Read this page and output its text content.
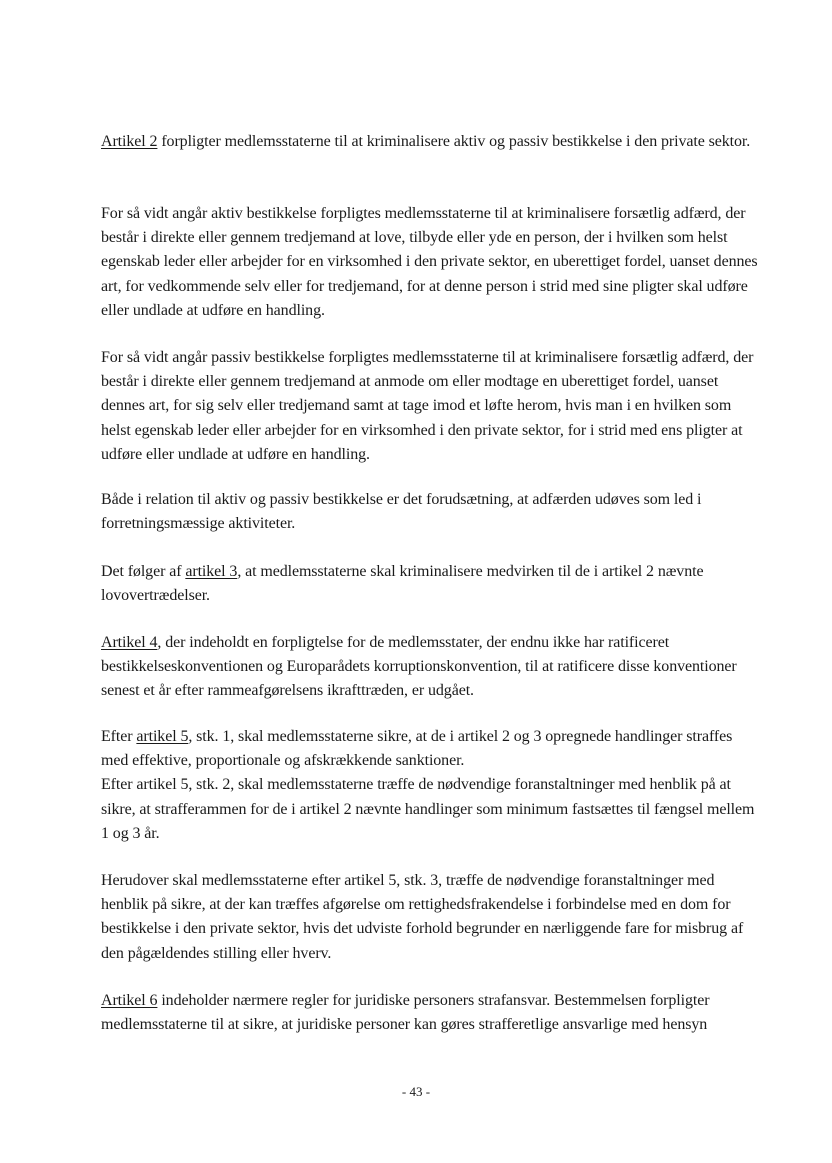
Artikel 2 forpligter medlemsstaterne til at kriminalisere aktiv og passiv bestikkelse i den private sektor.

For så vidt angår aktiv bestikkelse forpligtes medlemsstaterne til at kriminalisere forsætlig adfærd, der består i direkte eller gennem tredjemand at love, tilbyde eller yde en person, der i hvilken som helst egenskab leder eller arbejder for en virksomhed i den private sektor, en uberettiget fordel, uanset dennes art, for vedkommende selv eller for tredjemand, for at denne person i strid med sine pligter skal udføre eller undlade at udføre en handling.

For så vidt angår passiv bestikkelse forpligtes medlemsstaterne til at kriminalisere forsætlig adfærd, der består i direkte eller gennem tredjemand at anmode om eller modtage en uberettiget fordel, uanset dennes art, for sig selv eller tredjemand samt at tage imod et løfte herom, hvis man i en hvilken som helst egenskab leder eller arbejder for en virksomhed i den private sektor, for i strid med ens pligter at udføre eller undlade at udføre en handling.

Både i relation til aktiv og passiv bestikkelse er det forudsætning, at adfærden udøves som led i forretningsmæssige aktiviteter.

Det følger af artikel 3, at medlemsstaterne skal kriminalisere medvirken til de i artikel 2 nævnte lovovertrædelser.

Artikel 4, der indeholdt en forpligtelse for de medlemsstater, der endnu ikke har ratificeret bestikkelseskonventionen og Europarådets korruptionskonvention, til at ratificere disse konventioner senest et år efter rammeafgørelsens ikrafttræden, er udgået.

Efter artikel 5, stk. 1, skal medlemsstaterne sikre, at de i artikel 2 og 3 opregnede handlinger straffes med effektive, proportionale og afskrækkende sanktioner.
Efter artikel 5, stk. 2, skal medlemsstaterne træffe de nødvendige foranstaltninger med henblik på at sikre, at strafferammen for de i artikel 2 nævnte handlinger som minimum fastsættes til fængsel mellem 1 og 3 år.

Herudover skal medlemsstaterne efter artikel 5, stk. 3, træffe de nødvendige foranstaltninger med henblik på sikre, at der kan træffes afgørelse om rettighedsfrakendelse i forbindelse med en dom for bestikkelse i den private sektor, hvis det udviste forhold begrunder en nærliggende fare for misbrug af den pågældendes stilling eller hverv.

Artikel 6 indeholder nærmere regler for juridiske personers strafansvar. Bestemmelsen forpligter medlemsstaterne til at sikre, at juridiske personer kan gøres strafferetlige ansvarlige med hensyn

- 43 -
